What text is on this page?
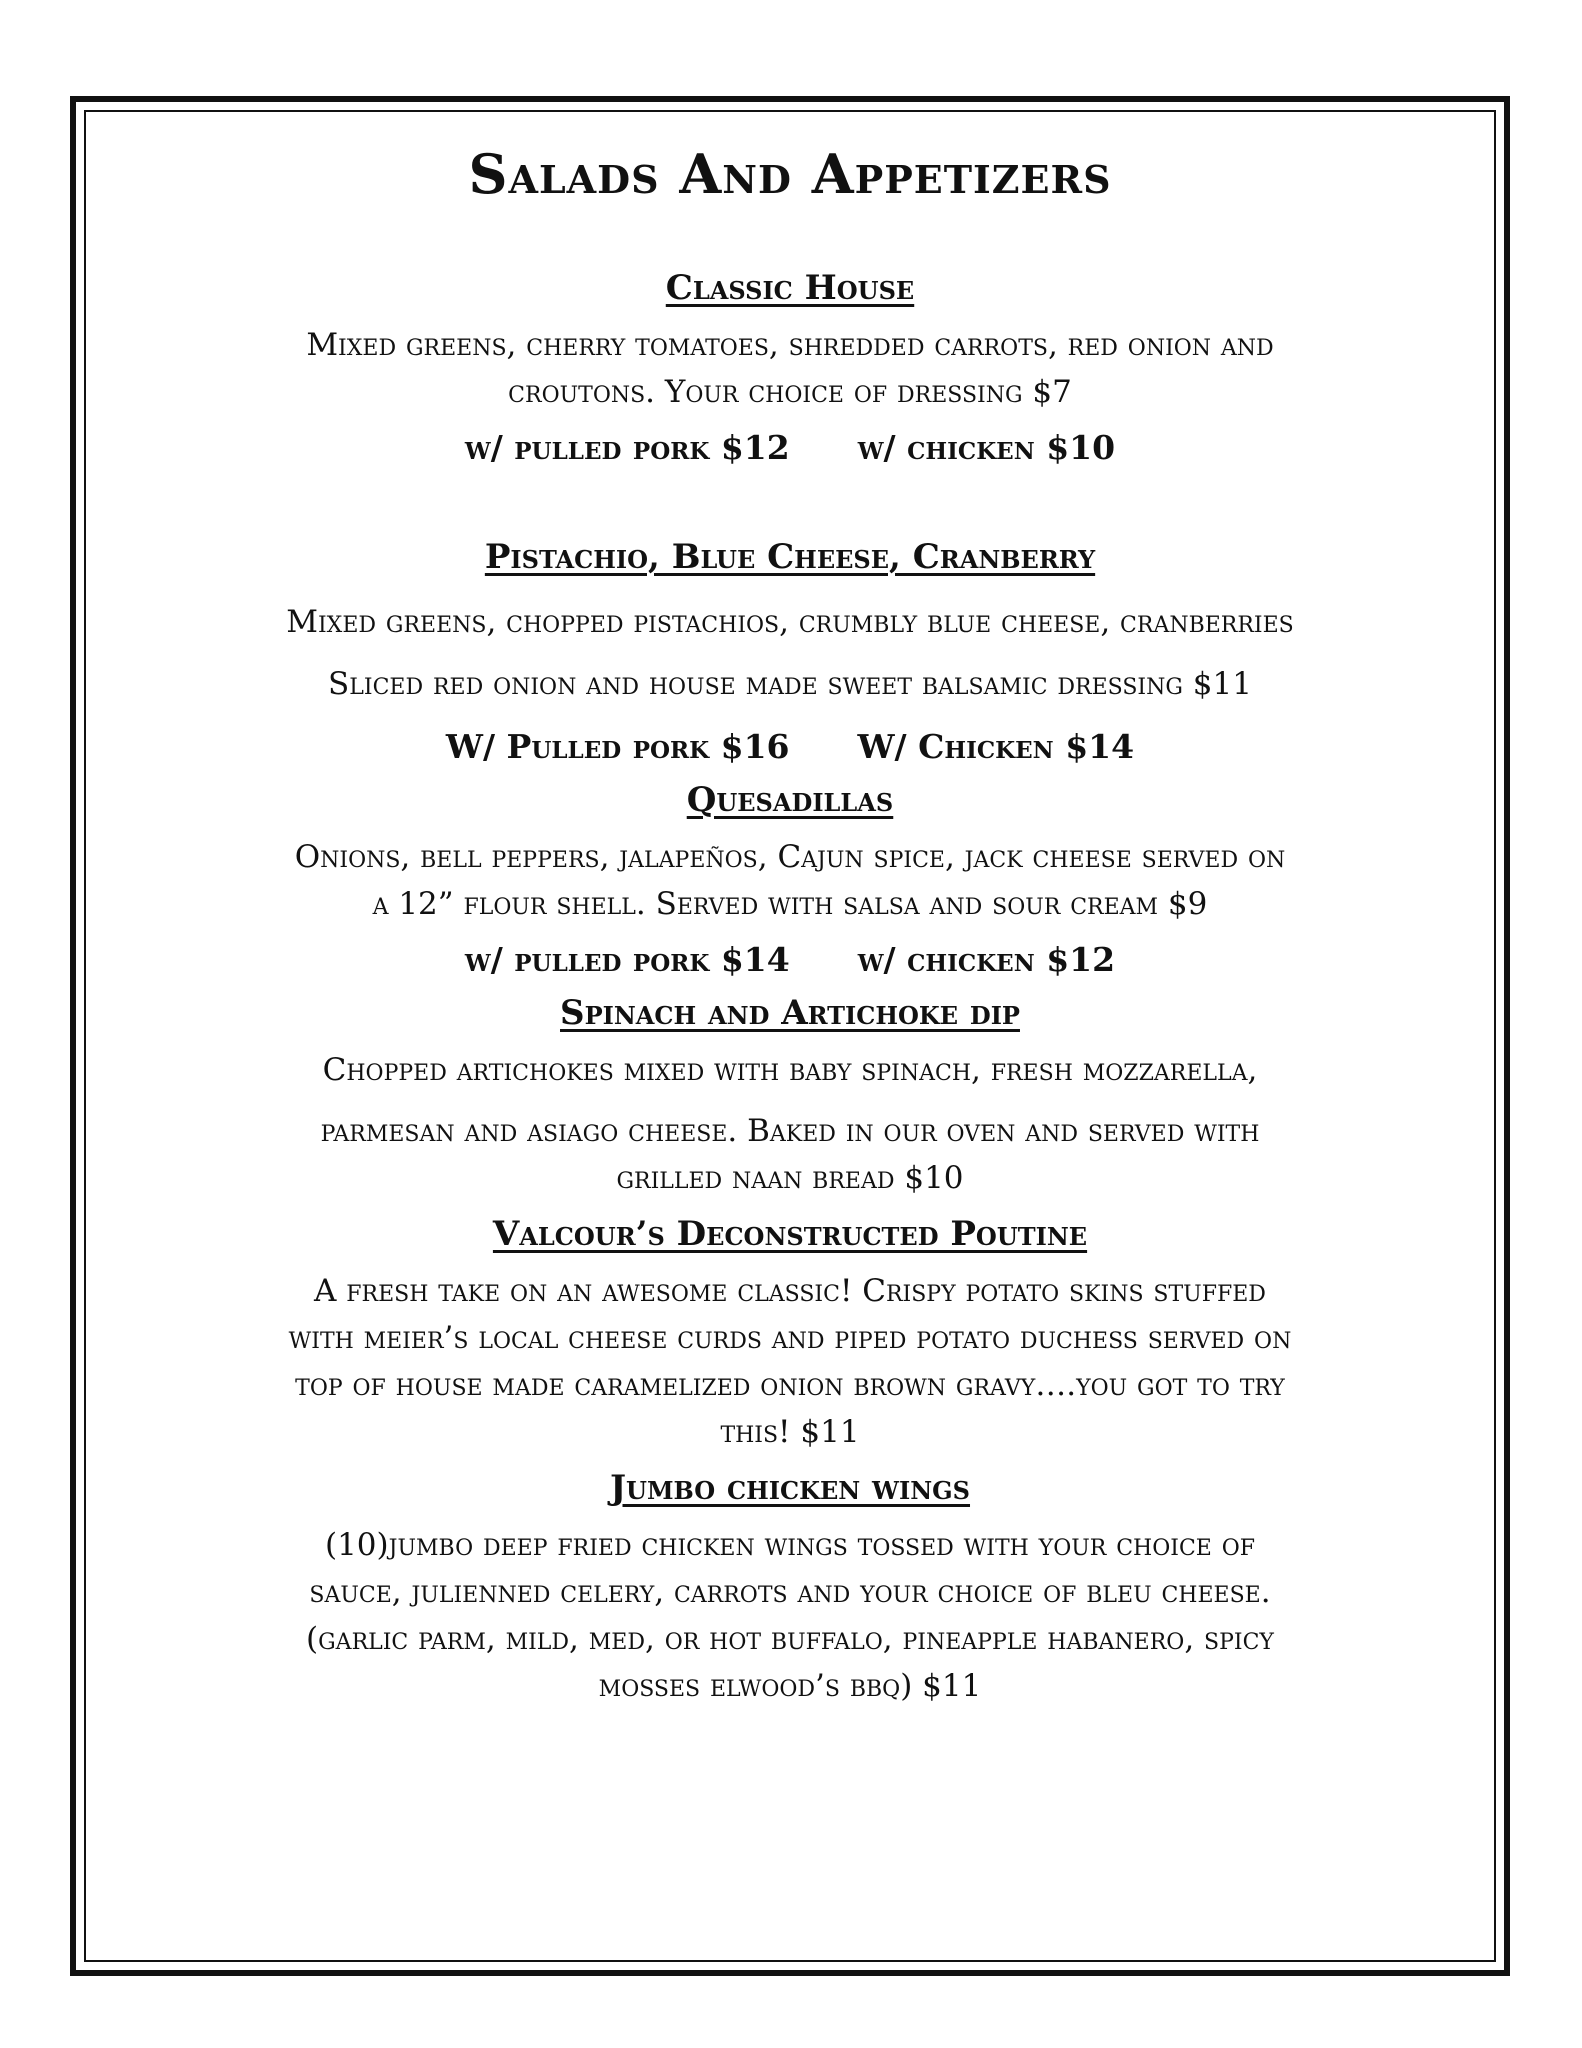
Salads And Appetizers
Classic House
Mixed greens, cherry tomatoes, shredded carrots, red onion and
croutons. Your choice of dressing $7
w/ pulled pork $12 w/ chicken $10
Pistachio, Blue Cheese, Cranberry
Mixed greens, chopped pistachios, crumbly blue cheese, cranberries
Sliced red onion and house made sweet balsamic dressing $11
W/ Pulled pork $16 W/ Chicken $14
Quesadillas
Onions, bell peppers, jalapeños, Cajun spice, jack cheese served on
a 12” flour shell. Served with salsa and sour cream $9
w/ pulled pork $14 w/ chicken $12
Spinach and Artichoke dip
Chopped artichokes mixed with baby spinach, fresh mozzarella,
parmesan and asiago cheese. Baked in our oven and served with
grilled naan bread $10
Valcour’s Deconstructed Poutine
A fresh take on an awesome classic! Crispy potato skins stuffed
with meier’s local cheese curds and piped potato duchess served on
top of house made caramelized onion brown gravy….you got to try
this! $11
Jumbo chicken wings
(10)jumbo deep fried chicken wings tossed with your choice of
sauce, julienned celery, carrots and your choice of bleu cheese.
(garlic parm, mild, med, or hot buffalo, pineapple habanero, spicy
mosses elwood’s bbq) $11
